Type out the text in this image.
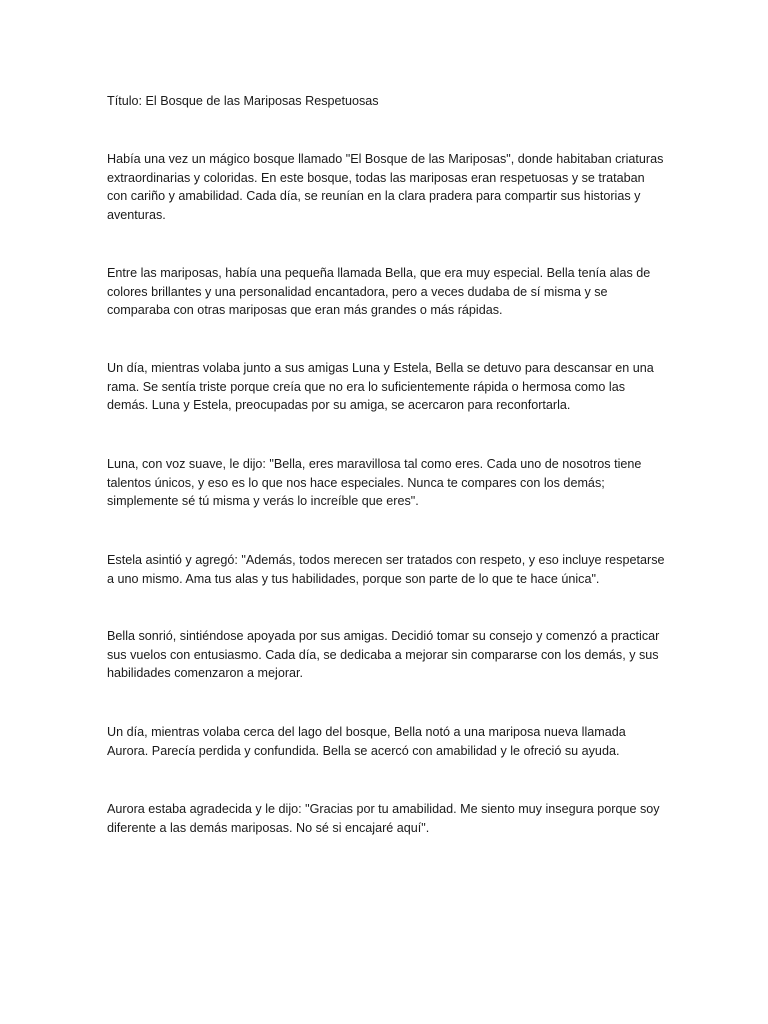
Título: El Bosque de las Mariposas Respetuosas

Había una vez un mágico bosque llamado "El Bosque de las Mariposas", donde habitaban criaturas extraordinarias y coloridas. En este bosque, todas las mariposas eran respetuosas y se trataban con cariño y amabilidad. Cada día, se reunían en la clara pradera para compartir sus historias y aventuras.

Entre las mariposas, había una pequeña llamada Bella, que era muy especial. Bella tenía alas de colores brillantes y una personalidad encantadora, pero a veces dudaba de sí misma y se comparaba con otras mariposas que eran más grandes o más rápidas.

Un día, mientras volaba junto a sus amigas Luna y Estela, Bella se detuvo para descansar en una rama. Se sentía triste porque creía que no era lo suficientemente rápida o hermosa como las demás. Luna y Estela, preocupadas por su amiga, se acercaron para reconfortarla.

Luna, con voz suave, le dijo: "Bella, eres maravillosa tal como eres. Cada uno de nosotros tiene talentos únicos, y eso es lo que nos hace especiales. Nunca te compares con los demás; simplemente sé tú misma y verás lo increíble que eres".

Estela asintió y agregó: "Además, todos merecen ser tratados con respeto, y eso incluye respetarse a uno mismo. Ama tus alas y tus habilidades, porque son parte de lo que te hace única".

Bella sonrió, sintiéndose apoyada por sus amigas. Decidió tomar su consejo y comenzó a practicar sus vuelos con entusiasmo. Cada día, se dedicaba a mejorar sin compararse con los demás, y sus habilidades comenzaron a mejorar.

Un día, mientras volaba cerca del lago del bosque, Bella notó a una mariposa nueva llamada Aurora. Parecía perdida y confundida. Bella se acercó con amabilidad y le ofreció su ayuda.

Aurora estaba agradecida y le dijo: "Gracias por tu amabilidad. Me siento muy insegura porque soy diferente a las demás mariposas. No sé si encajaré aquí".
